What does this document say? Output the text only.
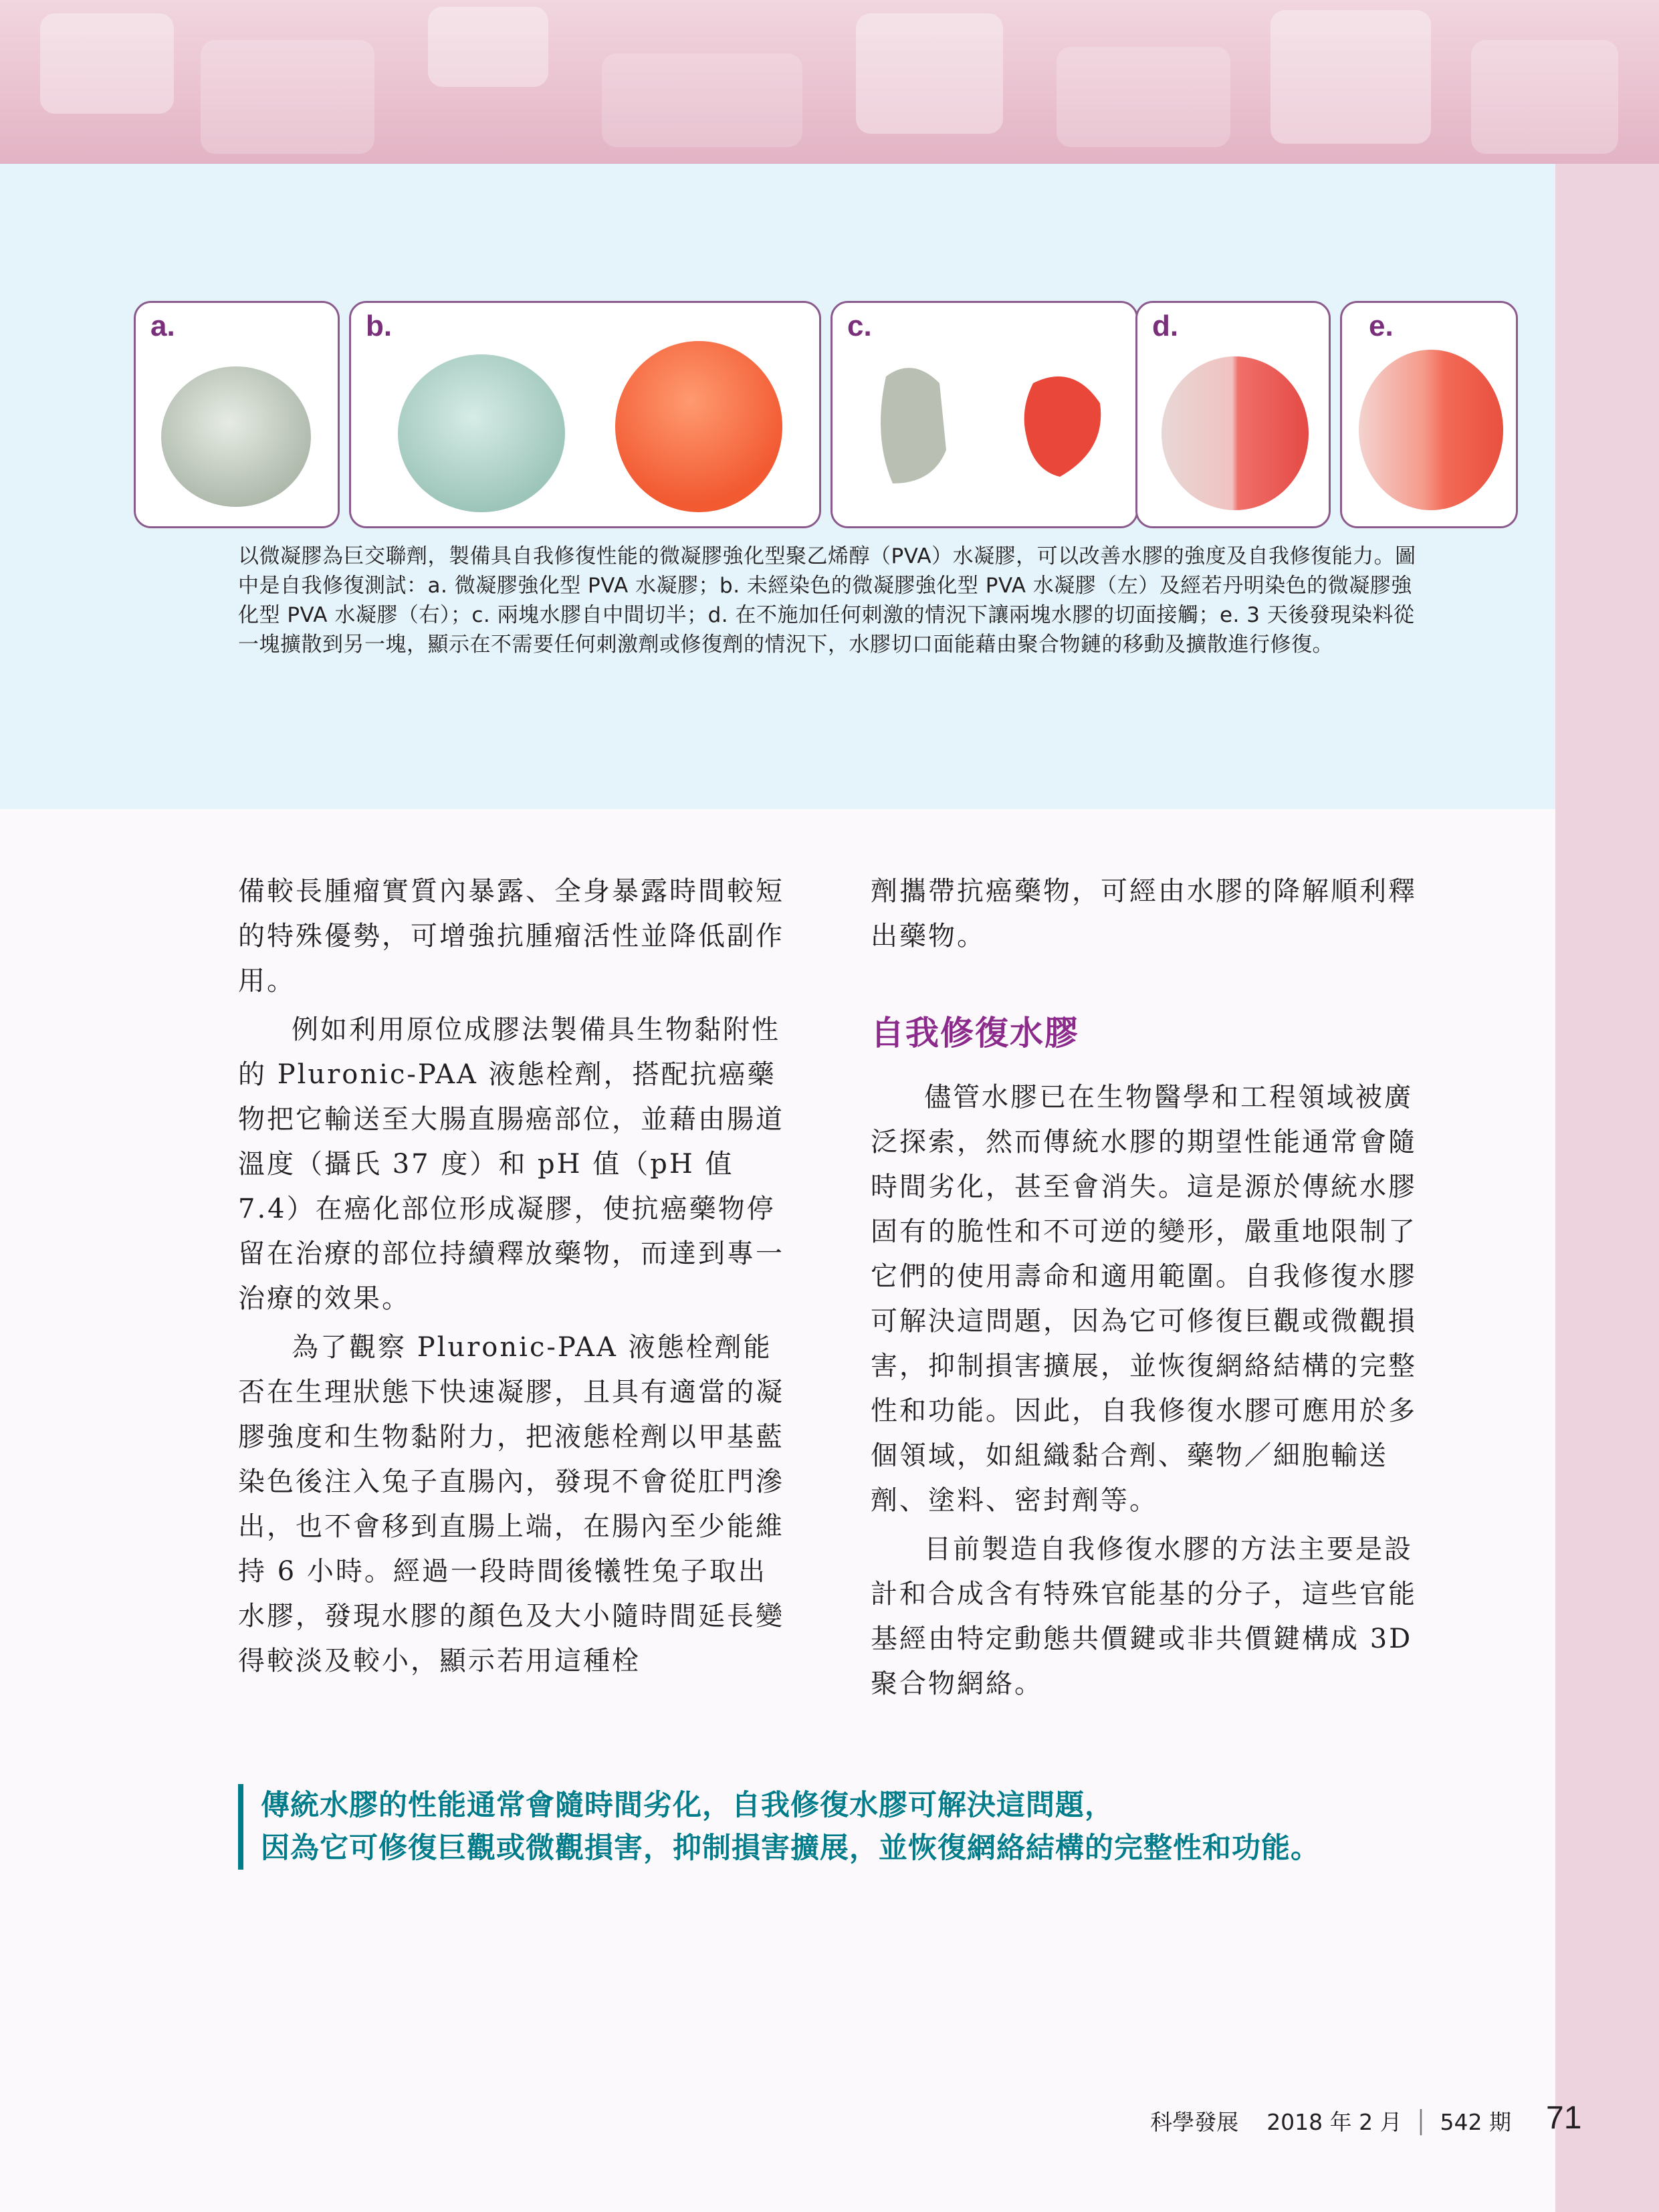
a.	b.	c.	d.	e.
以微凝膠為巨交聯劑，製備具自我修復性能的微凝膠強化型聚乙烯醇（PVA）水凝膠，可以改善水膠的強度及自我修復能力。圖中是自我修復測試：a. 微凝膠強化型 PVA 水凝膠；b. 未經染色的微凝膠強化型 PVA 水凝膠（左）及經若丹明染色的微凝膠強化型 PVA 水凝膠（右）；c. 兩塊水膠自中間切半；d. 在不施加任何刺激的情況下讓兩塊水膠的切面接觸；e. 3 天後發現染料從一塊擴散到另一塊，顯示在不需要任何刺激劑或修復劑的情況下，水膠切口面能藉由聚合物鏈的移動及擴散進行修復。

備較長腫瘤實質內暴露、全身暴露時間較短的特殊優勢，可增強抗腫瘤活性並降低副作用。

例如利用原位成膠法製備具生物黏附性的 Pluronic-PAA 液態栓劑，搭配抗癌藥物把它輸送至大腸直腸癌部位，並藉由腸道溫度（攝氏 37 度）和 pH 值（pH 值 7.4）在癌化部位形成凝膠，使抗癌藥物停留在治療的部位持續釋放藥物，而達到專一治療的效果。

為了觀察 Pluronic-PAA 液態栓劑能否在生理狀態下快速凝膠，且具有適當的凝膠強度和生物黏附力，把液態栓劑以甲基藍染色後注入兔子直腸內，發現不會從肛門滲出，也不會移到直腸上端，在腸內至少能維持 6 小時。經過一段時間後犧牲兔子取出水膠，發現水膠的顏色及大小隨時間延長變得較淡及較小，顯示若用這種栓

劑攜帶抗癌藥物，可經由水膠的降解順利釋出藥物。

自我修復水膠

儘管水膠已在生物醫學和工程領域被廣泛探索，然而傳統水膠的期望性能通常會隨時間劣化，甚至會消失。這是源於傳統水膠固有的脆性和不可逆的變形，嚴重地限制了它們的使用壽命和適用範圍。自我修復水膠可解決這問題，因為它可修復巨觀或微觀損害，抑制損害擴展，並恢復網絡結構的完整性和功能。因此，自我修復水膠可應用於多個領域，如組織黏合劑、藥物／細胞輸送劑、塗料、密封劑等。

目前製造自我修復水膠的方法主要是設計和合成含有特殊官能基的分子，這些官能基經由特定動態共價鍵或非共價鍵構成 3D 聚合物網絡。

傳統水膠的性能通常會隨時間劣化，自我修復水膠可解決這問題，
因為它可修復巨觀或微觀損害，抑制損害擴展，並恢復網絡結構的完整性和功能。
科學發展 2018 年 2 月 │ 542 期 71
